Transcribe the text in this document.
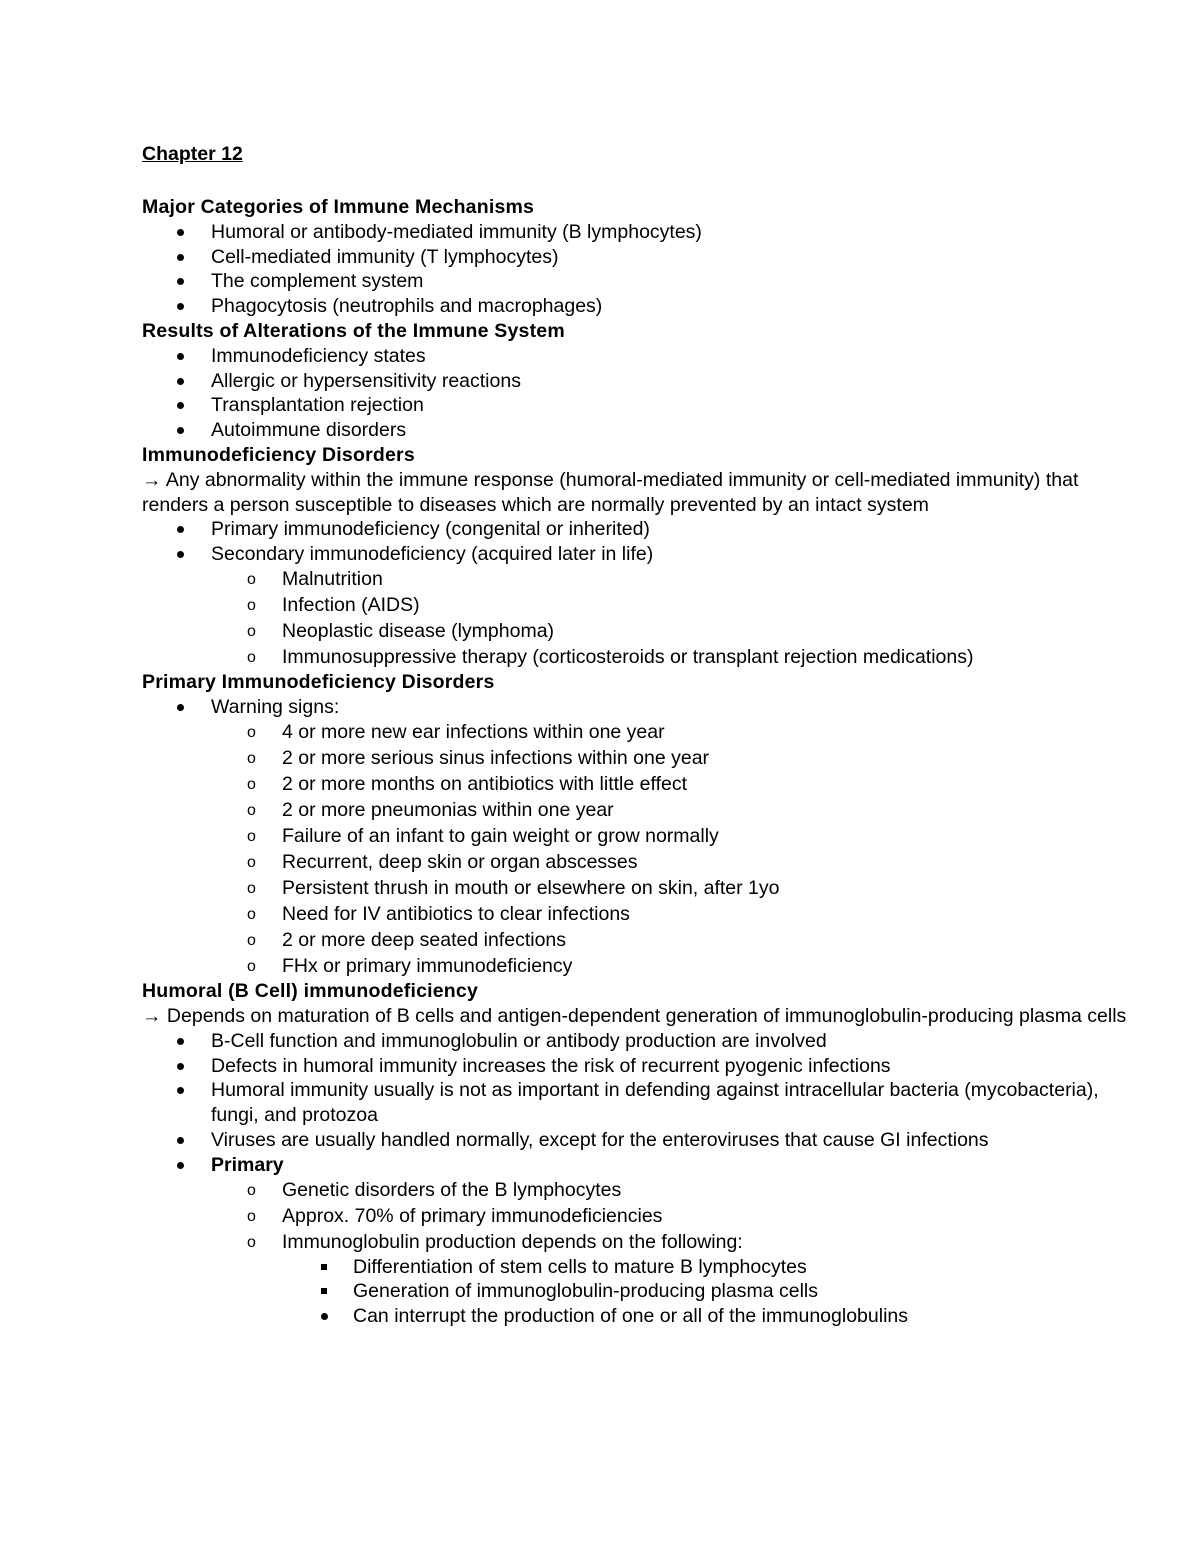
Chapter 12
Major Categories of Immune Mechanisms
Humoral or antibody-mediated immunity (B lymphocytes)
Cell-mediated immunity (T lymphocytes)
The complement system
Phagocytosis (neutrophils and macrophages)
Results of Alterations of the Immune System
Immunodeficiency states
Allergic or hypersensitivity reactions
Transplantation rejection
Autoimmune disorders
Immunodeficiency Disorders
→ Any abnormality within the immune response (humoral-mediated immunity or cell-mediated immunity) that renders a person susceptible to diseases which are normally prevented by an intact system
Primary immunodeficiency (congenital or inherited)
Secondary immunodeficiency (acquired later in life)
o Malnutrition
o Infection (AIDS)
o Neoplastic disease (lymphoma)
o Immunosuppressive therapy (corticosteroids or transplant rejection medications)
Primary Immunodeficiency Disorders
Warning signs:
o 4 or more new ear infections within one year
o 2 or more serious sinus infections within one year
o 2 or more months on antibiotics with little effect
o 2 or more pneumonias within one year
o Failure of an infant to gain weight or grow normally
o Recurrent, deep skin or organ abscesses
o Persistent thrush in mouth or elsewhere on skin, after 1yo
o Need for IV antibiotics to clear infections
o 2 or more deep seated infections
o FHx or primary immunodeficiency
Humoral (B Cell) immunodeficiency
→ Depends on maturation of B cells and antigen-dependent generation of immunoglobulin-producing plasma cells
B-Cell function and immunoglobulin or antibody production are involved
Defects in humoral immunity increases the risk of recurrent pyogenic infections
Humoral immunity usually is not as important in defending against intracellular bacteria (mycobacteria), fungi, and protozoa
Viruses are usually handled normally, except for the enteroviruses that cause GI infections
Primary
o Genetic disorders of the B lymphocytes
o Approx. 70% of primary immunodeficiencies
o Immunoglobulin production depends on the following:
Differentiation of stem cells to mature B lymphocytes
Generation of immunoglobulin-producing plasma cells
Can interrupt the production of one or all of the immunoglobulins
